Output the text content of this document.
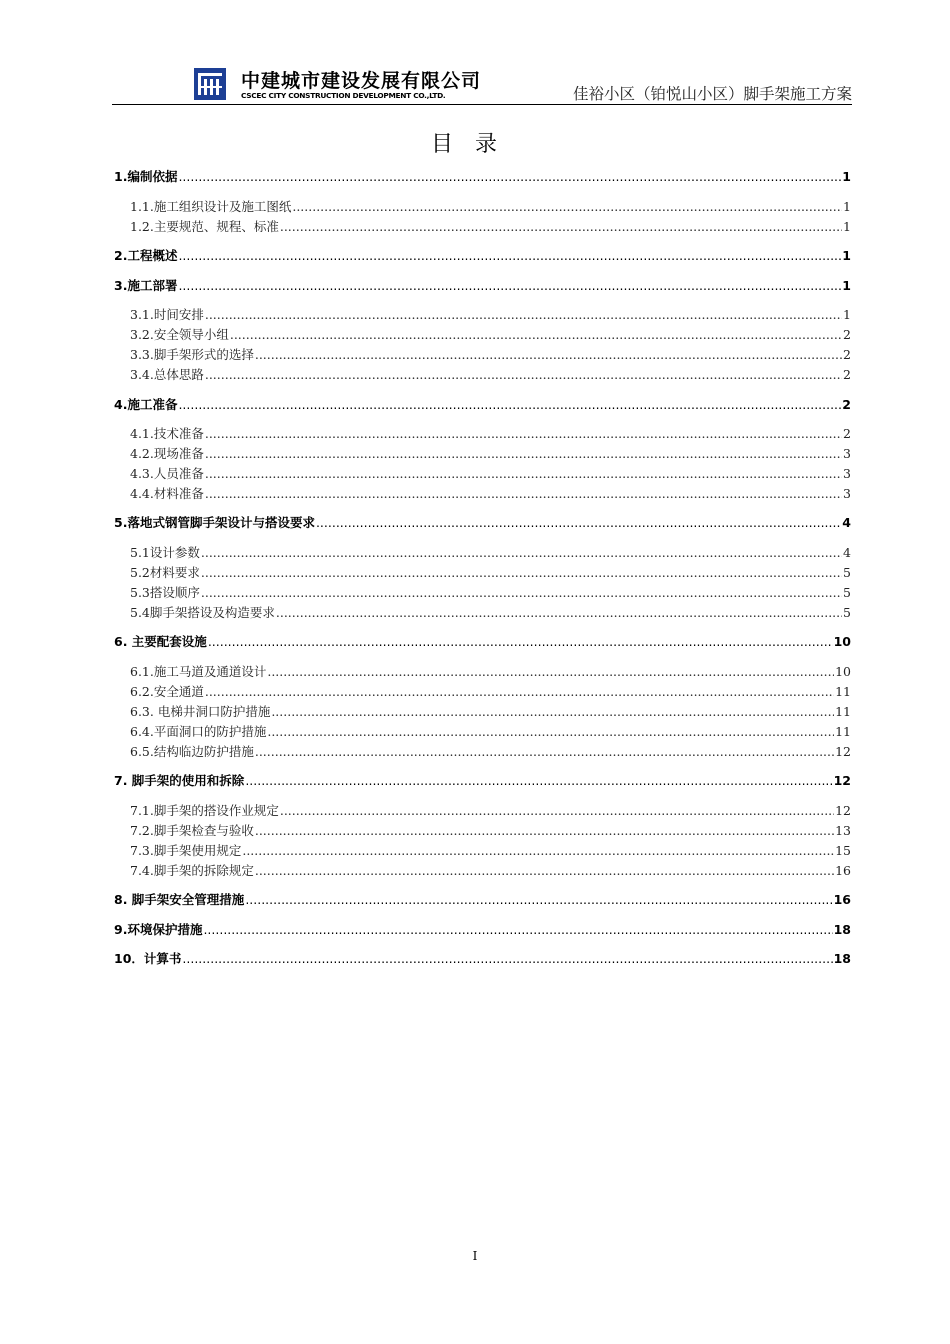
中建城市建设发展有限公司
CSCEC CITY CONSTRUCTION DEVELOPMENT CO.,LTD.	佳裕小区（铂悦山小区）脚手架施工方案
目录
1.编制依据 .....	1
1.1.施工组织设计及施工图纸 .....	1
1.2.主要规范、规程、标准 .....	1
2.工程概述 .....	1
3.施工部署 .....	1
3.1.时间安排 .....	1
3.2.安全领导小组 .....	2
3.3.脚手架形式的选择 .....	2
3.4.总体思路 .....	2
4.施工准备 .....	2
4.1.技术准备 .....	2
4.2.现场准备 .....	3
4.3.人员准备 .....	3
4.4.材料准备 .....	3
5.落地式钢管脚手架设计与搭设要求 .....	4
5.1设计参数 .....	4
5.2材料要求 .....	5
5.3搭设顺序 .....	5
5.4脚手架搭设及构造要求 .....	5
6. 主要配套设施 .....	10
6.1.施工马道及通道设计 .....	10
6.2.安全通道 .....	11
6.3. 电梯井洞口防护措施 .....	11
6.4.平面洞口的防护措施 .....	11
6.5.结构临边防护措施 .....	12
7. 脚手架的使用和拆除 .....	12
7.1.脚手架的搭设作业规定 .....	12
7.2.脚手架检查与验收 .....	13
7.3.脚手架使用规定 .....	15
7.4.脚手架的拆除规定 .....	16
8. 脚手架安全管理措施 .....	16
9.环境保护措施 .....	18
10．计算书 .....	18
I
